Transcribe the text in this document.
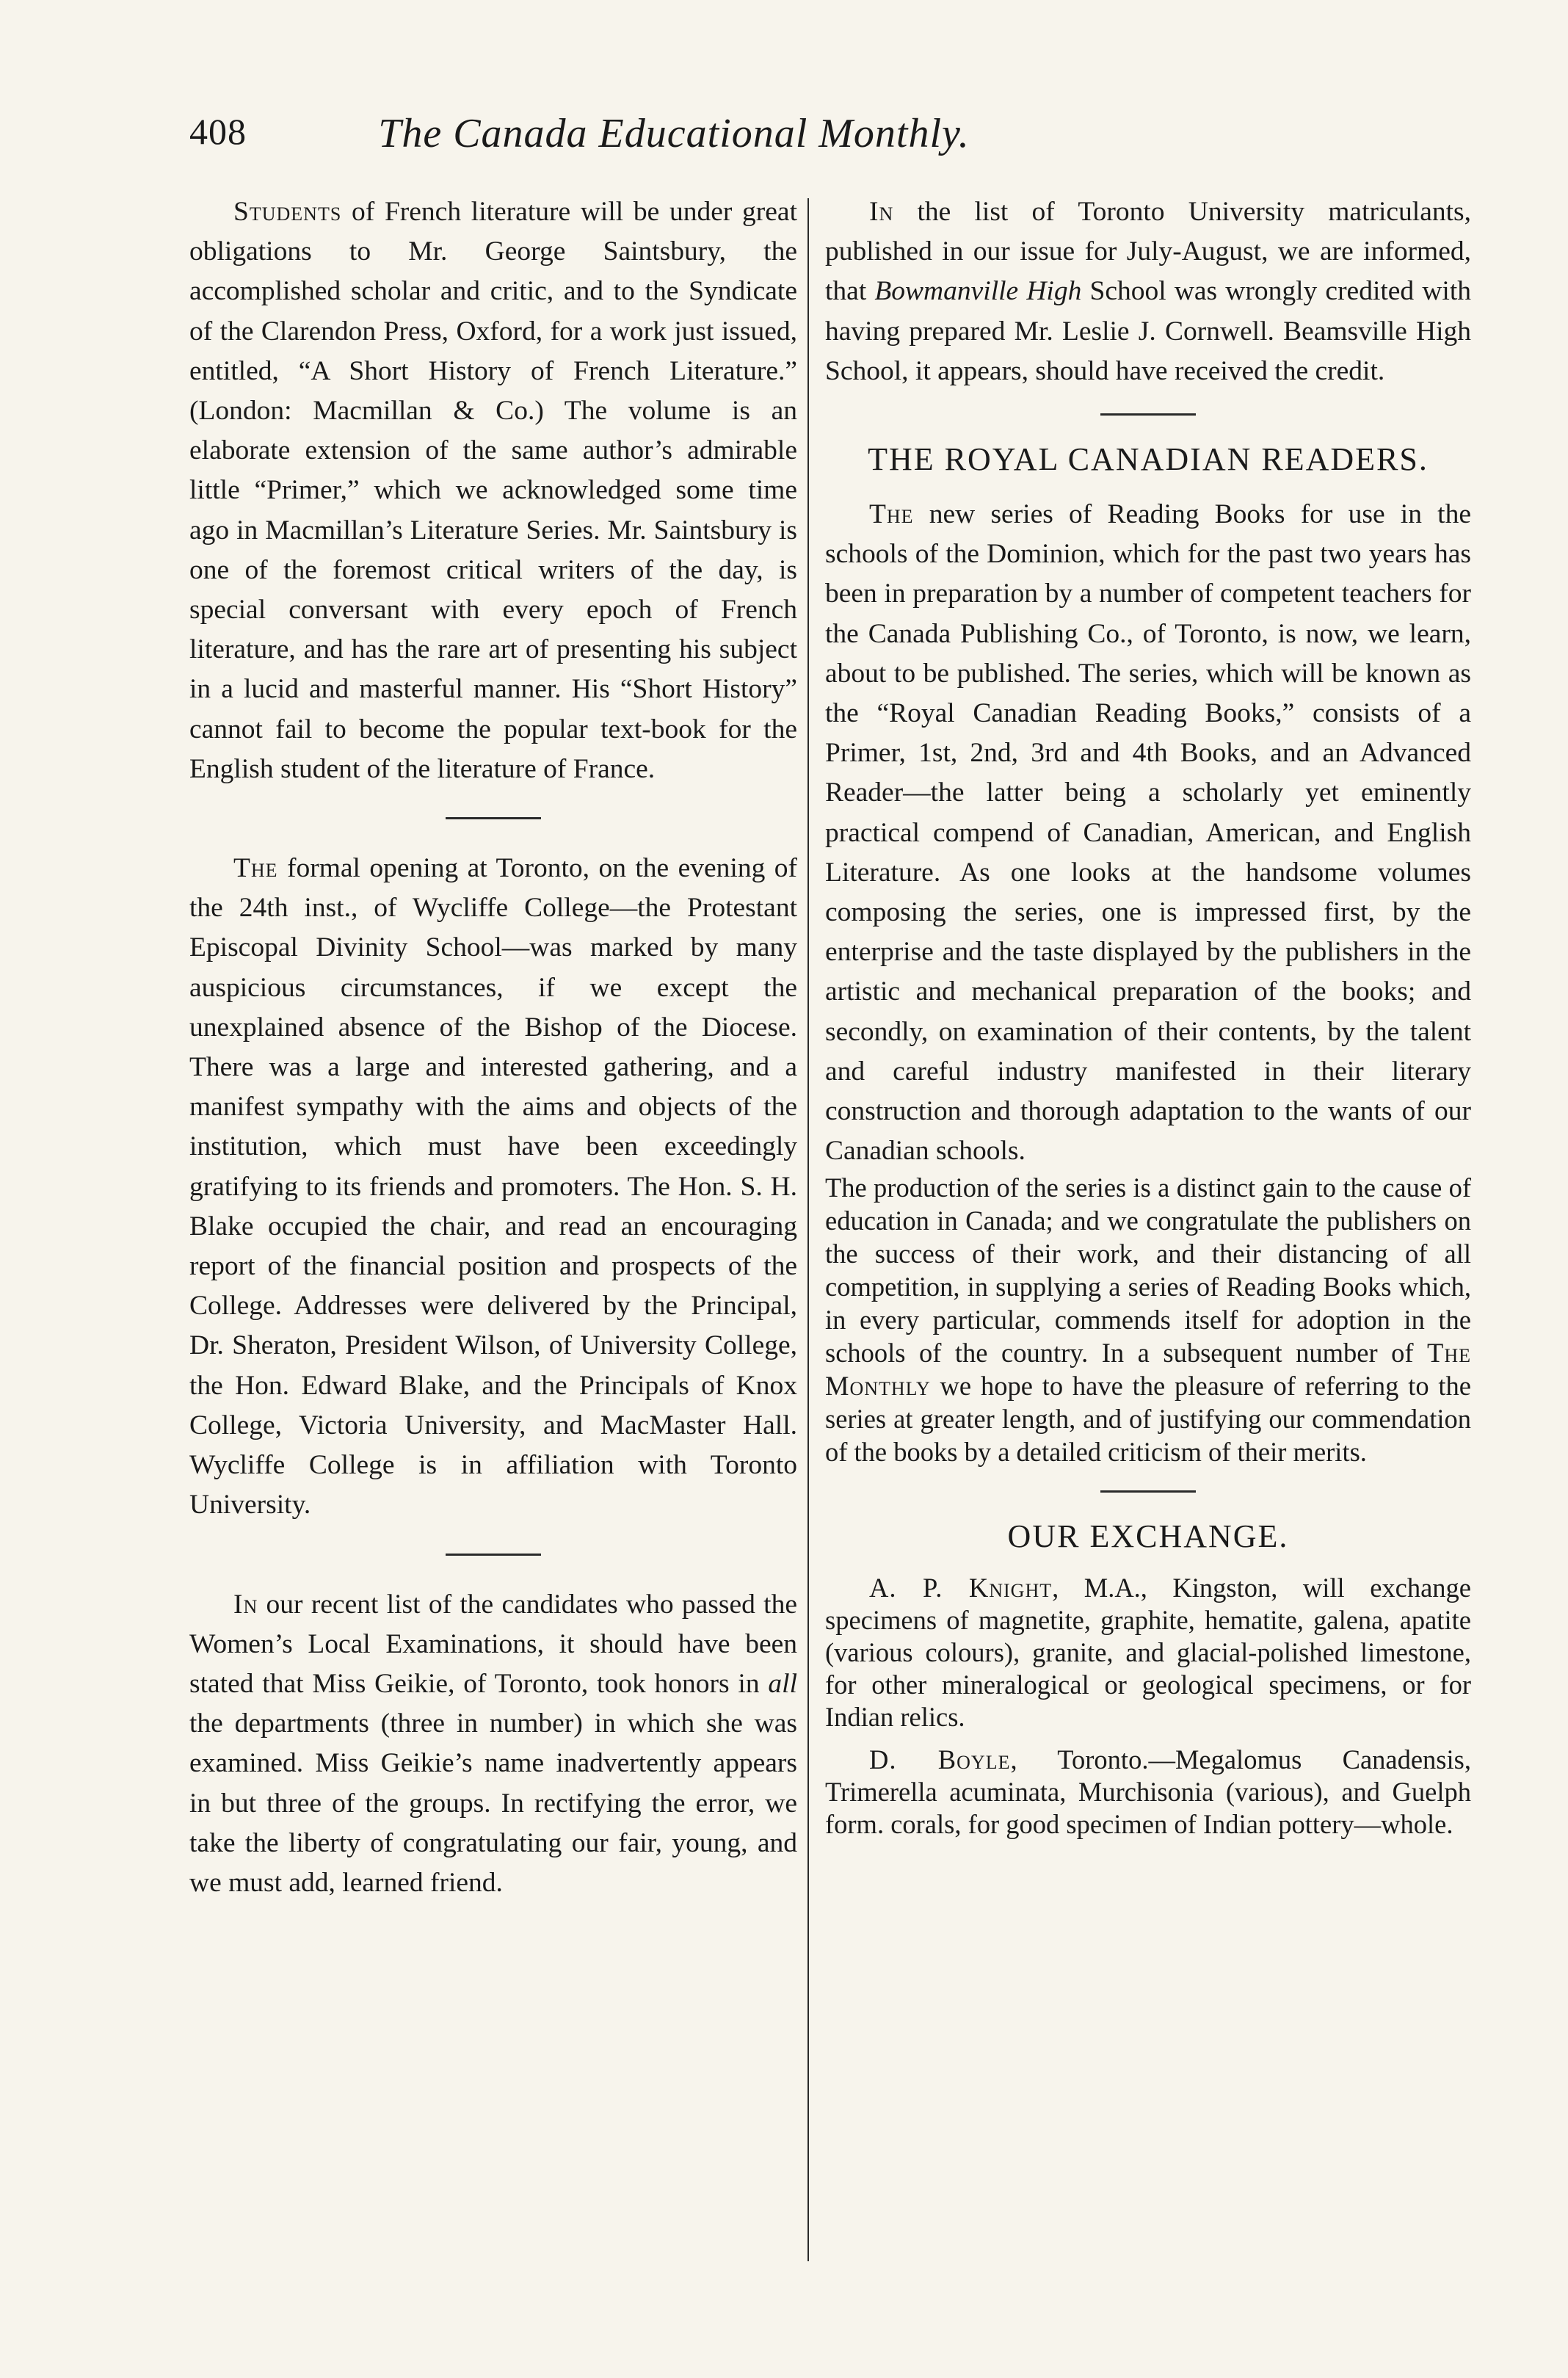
408	The Canada Educational Monthly.

Students of French literature will be under great obligations to Mr. George Saintsbury, the accomplished scholar and critic, and to the Syndicate of the Clarendon Press, Oxford, for a work just issued, entitled, “A Short History of French Literature.” (London: Macmillan & Co.) The volume is an elaborate extension of the same author’s admirable little “Primer,” which we acknowledged some time ago in Macmillan’s Literature Series. Mr. Saintsbury is one of the foremost critical writers of the day, is special conversant with every epoch of French literature, and has the rare art of presenting his subject in a lucid and masterful manner. His “Short History” cannot fail to become the popular text-book for the English student of the literature of France.

The formal opening at Toronto, on the evening of the 24th inst., of Wycliffe College—the Protestant Episcopal Divinity School—was marked by many auspicious circumstances, if we except the unexplained absence of the Bishop of the Diocese. There was a large and interested gathering, and a manifest sympathy with the aims and objects of the institution, which must have been exceedingly gratifying to its friends and promoters. The Hon. S. H. Blake occupied the chair, and read an encouraging report of the financial position and prospects of the College. Addresses were delivered by the Principal, Dr. Sheraton, President Wilson, of University College, the Hon. Edward Blake, and the Principals of Knox College, Victoria University, and MacMaster Hall. Wycliffe College is in affiliation with Toronto University.

In our recent list of the candidates who passed the Women’s Local Examinations, it should have been stated that Miss Geikie, of Toronto, took honors in all the departments (three in number) in which she was examined. Miss Geikie’s name inadvertently appears in but three of the groups. In rectifying the error, we take the liberty of congratulating our fair, young, and we must add, learned friend.

In the list of Toronto University matriculants, published in our issue for July-August, we are informed, that Bowmanville High School was wrongly credited with having prepared Mr. Leslie J. Cornwell. Beamsville High School, it appears, should have received the credit.

THE ROYAL CANADIAN READERS.

The new series of Reading Books for use in the schools of the Dominion, which for the past two years has been in preparation by a number of competent teachers for the Canada Publishing Co., of Toronto, is now, we learn, about to be published. The series, which will be known as the “Royal Canadian Reading Books,” consists of a Primer, 1st, 2nd, 3rd and 4th Books, and an Advanced Reader—the latter being a scholarly yet eminently practical compend of Canadian, American, and English Literature. As one looks at the handsome volumes composing the series, one is impressed first, by the enterprise and the taste displayed by the publishers in the artistic and mechanical preparation of the books; and secondly, on examination of their contents, by the talent and careful industry manifested in their literary construction and thorough adaptation to the wants of our Canadian schools.

The production of the series is a distinct gain to the cause of education in Canada; and we congratulate the publishers on the success of their work, and their distancing of all competition, in supplying a series of Reading Books which, in every particular, commends itself for adoption in the schools of the country. In a subsequent number of The Monthly we hope to have the pleasure of referring to the series at greater length, and of justifying our commendation of the books by a detailed criticism of their merits.

OUR EXCHANGE.

A. P. Knight, M.A., Kingston, will exchange specimens of magnetite, graphite, hematite, galena, apatite (various colours), granite, and glacial-polished limestone, for other mineralogical or geological specimens, or for Indian relics.

D. Boyle, Toronto.—Megalomus Canadensis, Trimerella acuminata, Murchisonia (various), and Guelph form. corals, for good specimen of Indian pottery—whole.
